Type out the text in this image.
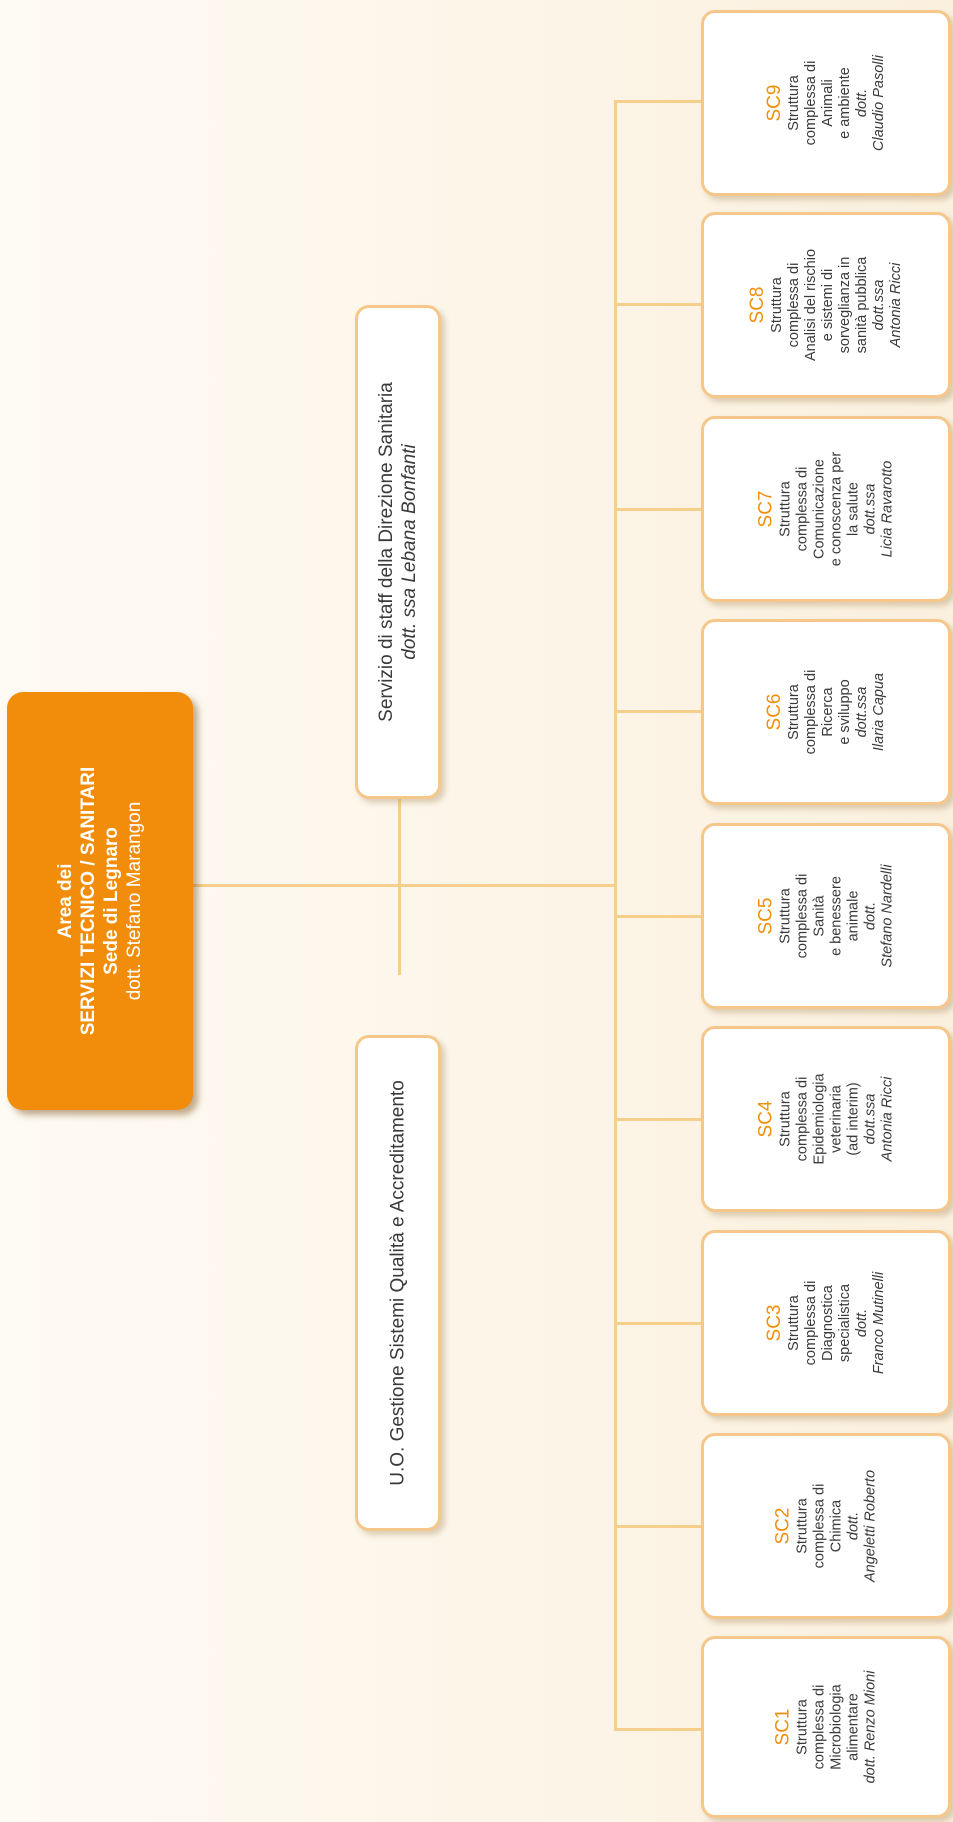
Area dei SERVIZI TECNICO / SANITARI Sede di Legnaro dott. Stefano Marangon
Servizio di staff della Direzione Sanitaria dott. ssa Lebana Bonfanti
U.O. Gestione Sistemi Qualità e Accreditamento
SC9 Struttura complessa di Animali e ambiente dott. Claudio Pasolli
SC8 Struttura complessa di Analisi del rischio e sistemi di sorveglianza in sanità pubblica dott.ssa Antonia Ricci
SC7 Struttura complessa di Comunicazione e conoscenza per la salute dott.ssa Licia Ravarotto
SC6 Struttura complessa di Ricerca e sviluppo dott.ssa Ilaria Capua
SC5 Struttura complessa di Sanità e benessere animale dott. Stefano Nardelli
SC4 Struttura complessa di Epidemiologia veterinaria (ad interim) dott.ssa Antonia Ricci
SC3 Struttura complessa di Diagnostica specialistica dott. Franco Mutinelli
SC2 Struttura complessa di Chimica dott. Angeletti Roberto
SC1 Struttura complessa di Microbiologia alimentare dott. Renzo Mioni
